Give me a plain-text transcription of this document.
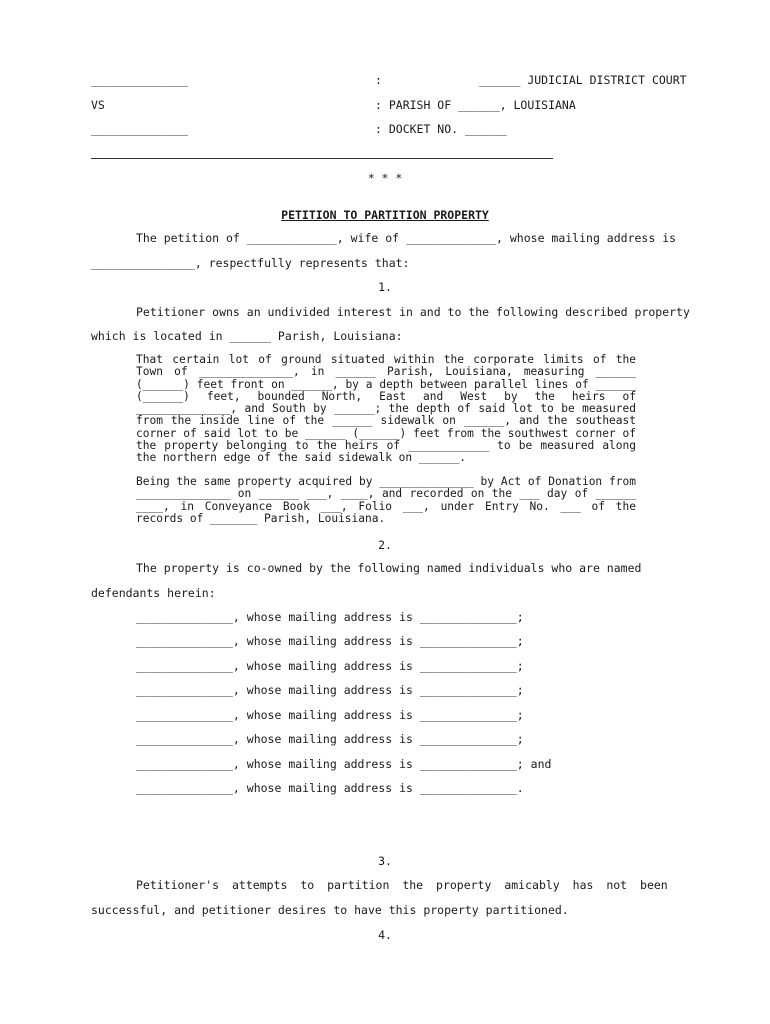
______________	:              ______ JUDICIAL DISTRICT COURT
VS	: PARISH OF ______, LOUISIANA
______________	: DOCKET NO. ______
* * *
PETITION TO PARTITION PROPERTY
The petition of _____________, wife of _____________, whose mailing address is

_______________, respectfully represents that:
1.
Petitioner owns an undivided interest in and to the following described property
which is located in ______ Parish, Louisiana:
That certain lot of ground situated within the corporate limits of the Town of ______________, in ______ Parish, Louisiana, measuring ______ (______) feet front on ______, by a depth between parallel lines of ______ (______) feet, bounded North, East and West by the heirs of ______________, and South by ______; the depth of said lot to be measured from the inside line of the ______ sidewalk on ______, and the southeast corner of said lot to be ______ (______) feet from the southwest corner of the property belonging to the heirs of ____________ to be measured along the northern edge of the said sidewalk on ______.
Being the same property acquired by ______________ by Act of Donation from ______________ on ______ ___, ____, and recorded on the ___ day of ______ ____, in Conveyance Book ___, Folio ___, under Entry No. ___ of the records of _______ Parish, Louisiana.
2.
The property is co-owned by the following named individuals who are named
defendants herein:
______________, whose mailing address is ______________;
______________, whose mailing address is ______________;
______________, whose mailing address is ______________;
______________, whose mailing address is ______________;
______________, whose mailing address is ______________;
______________, whose mailing address is ______________;
______________, whose mailing address is ______________; and
______________, whose mailing address is ______________.
3.
Petitioner's attempts to partition the property amicably has not been
successful, and petitioner desires to have this property partitioned.
4.
